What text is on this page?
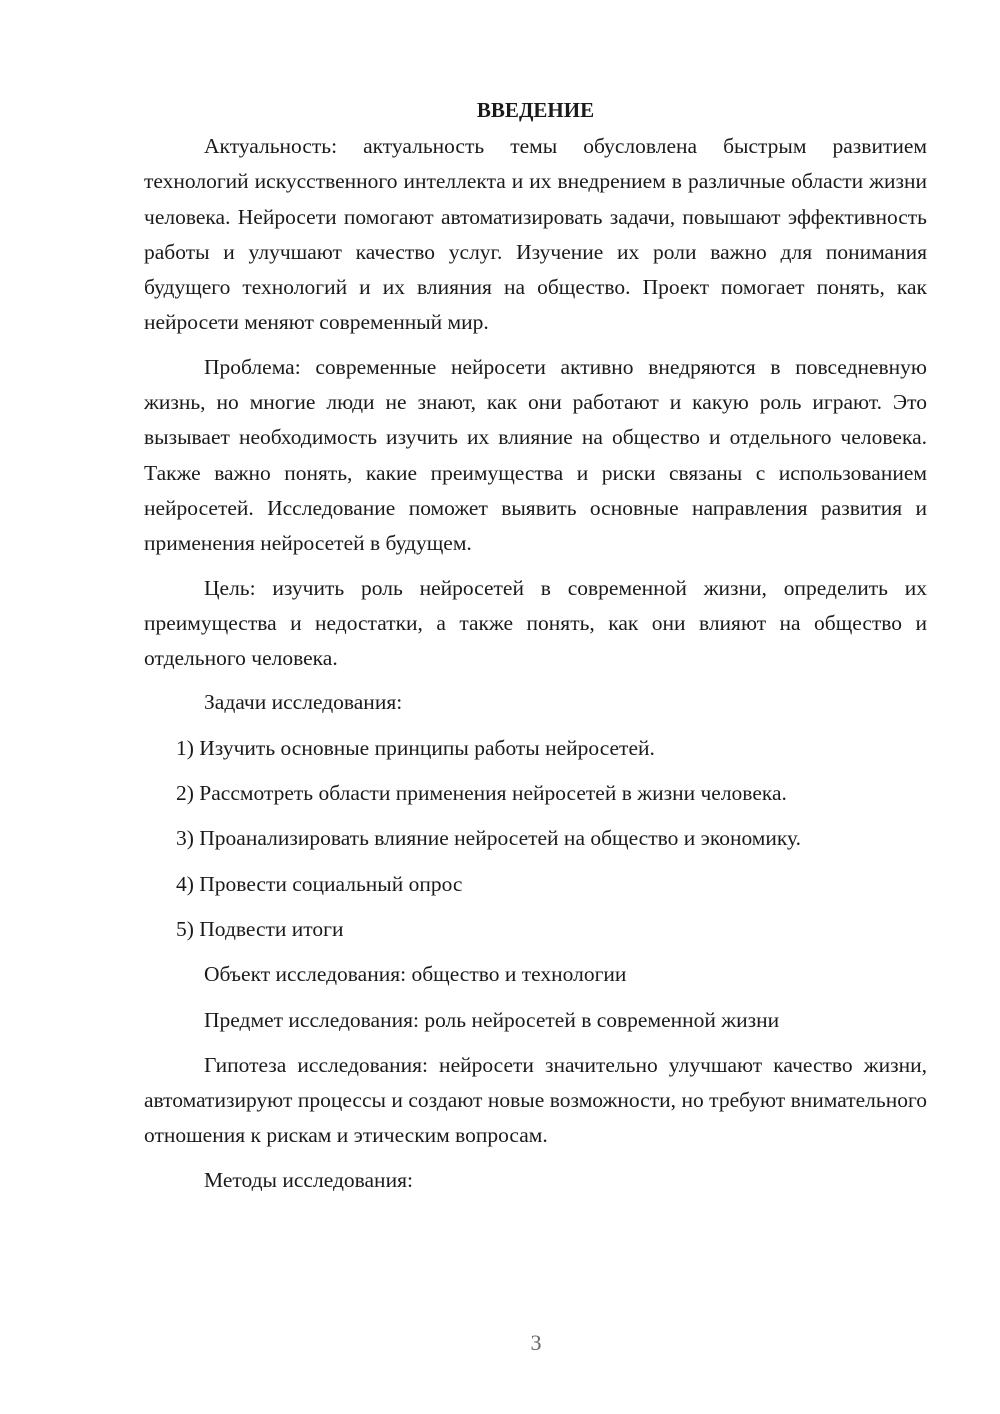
ВВЕДЕНИЕ

Актуальность: актуальность темы обусловлена быстрым развитием технологий искусственного интеллекта и их внедрением в различные области жизни человека. Нейросети помогают автоматизировать задачи, повышают эффективность работы и улучшают качество услуг. Изучение их роли важно для понимания будущего технологий и их влияния на общество. Проект помогает понять, как нейросети меняют современный мир.

Проблема: современные нейросети активно внедряются в повседневную жизнь, но многие люди не знают, как они работают и какую роль играют. Это вызывает необходимость изучить их влияние на общество и отдельного человека. Также важно понять, какие преимущества и риски связаны с использованием нейросетей. Исследование поможет выявить основные направления развития и применения нейросетей в будущем.

Цель: изучить роль нейросетей в современной жизни, определить их преимущества и недостатки, а также понять, как они влияют на общество и отдельного человека.

Задачи исследования:

1) Изучить основные принципы работы нейросетей.

2) Рассмотреть области применения нейросетей в жизни человека.

3) Проанализировать влияние нейросетей на общество и экономику.

4) Провести социальный опрос

5) Подвести итоги

Объект исследования: общество и технологии

Предмет исследования: роль нейросетей в современной жизни

Гипотеза исследования: нейросети значительно улучшают качество жизни, автоматизируют процессы и создают новые возможности, но требуют внимательного отношения к рискам и этическим вопросам.

Методы исследования:

3
